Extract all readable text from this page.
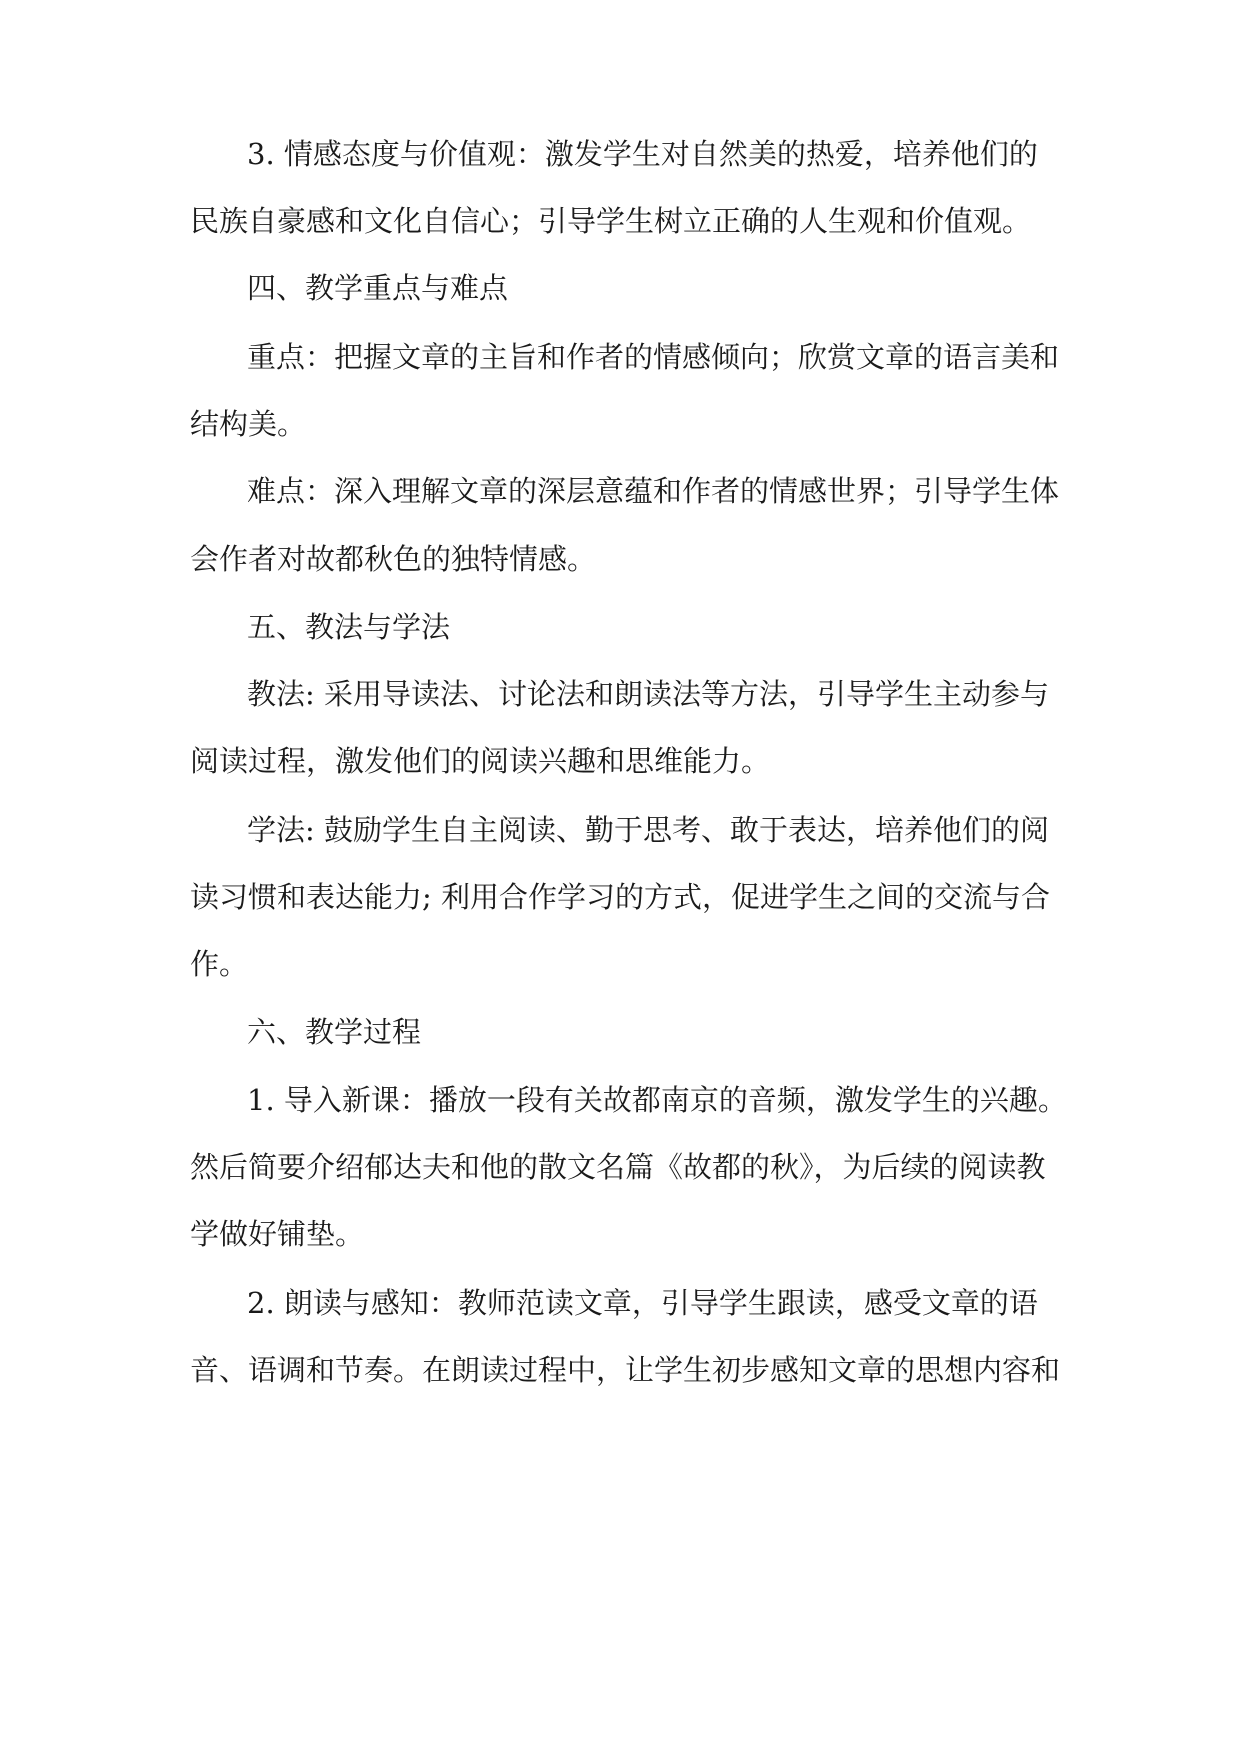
3. 情感态度与价值观：激发学生对自然美的热爱，培养他们的
民族自豪感和文化自信心；引导学生树立正确的人生观和价值观。
四、教学重点与难点
重点：把握文章的主旨和作者的情感倾向；欣赏文章的语言美和
结构美。
难点：深入理解文章的深层意蕴和作者的情感世界；引导学生体
会作者对故都秋色的独特情感。
五、教法与学法
教法: 采用导读法、讨论法和朗读法等方法，引导学生主动参与
阅读过程，激发他们的阅读兴趣和思维能力。
学法: 鼓励学生自主阅读、勤于思考、敢于表达，培养他们的阅
读习惯和表达能力; 利用合作学习的方式，促进学生之间的交流与合
作。
六、教学过程
1. 导入新课：播放一段有关故都南京的音频，激发学生的兴趣。
然后简要介绍郁达夫和他的散文名篇《故都的秋》，为后续的阅读教
学做好铺垫。
2. 朗读与感知：教师范读文章，引导学生跟读，感受文章的语
音、语调和节奏。在朗读过程中，让学生初步感知文章的思想内容和
